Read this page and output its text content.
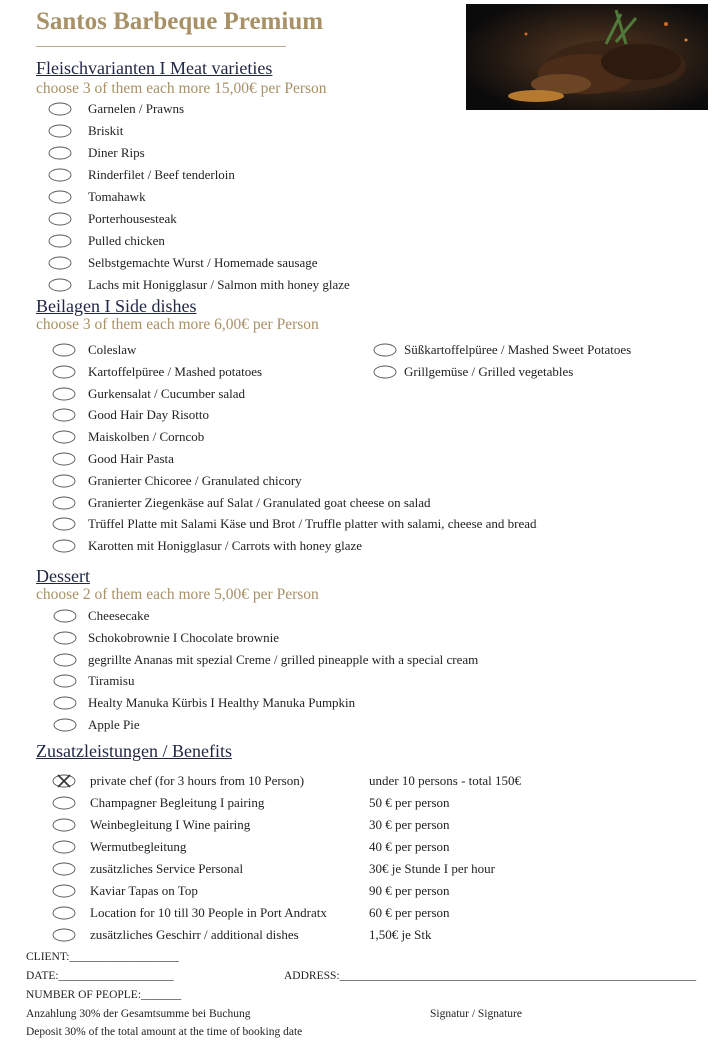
Santos Barbeque Premium
Fleischvarianten I Meat varieties
choose 3 of them each more 15,00€ per Person
Beilagen I Side dishes
choose 3 of them each more 6,00€ per Person
Dessert
choose 2 of them each more 5,00€ per Person
Zusatzleistungen / Benefits
CLIENT:___________________
DATE:____________________	ADDRESS:______________________________________________________________
NUMBER OF PEOPLE:_______
Anzahlung 30% der Gesamtsumme bei Buchung	Signatur / Signature
Deposit 30% of the total amount at the time of booking date
Garnelen / Prawns
Briskit
Diner Rips
Rinderfilet / Beef tenderloin
Tomahawk
Porterhousesteak
Pulled chicken
Selbstgemachte Wurst / Homemade sausage
Lachs mit Honigglasur / Salmon mith honey glaze
Coleslaw
Kartoffelpüree / Mashed potatoes
Gurkensalat / Cucumber salad
Good Hair Day Risotto
Maiskolben / Corncob
Good Hair Pasta
Granierter Chicoree / Granulated chicory
Granierter Ziegenkäse auf Salat / Granulated goat cheese on salad
Trüffel Platte mit Salami Käse und Brot / Truffle platter with salami, cheese and bread
Karotten mit Honigglasur / Carrots with honey glaze
Süßkartoffelpüree / Mashed Sweet Potatoes
Grillgemüse / Grilled vegetables
Cheesecake
Schokobrownie I Chocolate brownie
gegrillte Ananas mit spezial Creme / grilled pineapple with a special cream
Tiramisu
Healty Manuka Kürbis I Healthy Manuka Pumpkin
Apple Pie
private chef (for 3 hours from 10 Person)	under 10 persons - total 150€
Champagner Begleitung I pairing	50 € per person
Weinbegleitung I Wine pairing	30 € per person
Wermutbegleitung	40 € per person
zusätzliches Service Personal	30€ je Stunde I per hour
Kaviar Tapas on Top	90 € per person
Location for 10 till 30 People in Port Andratx	60 € per person
zusätzliches Geschirr / additional dishes	1,50€ je Stk
